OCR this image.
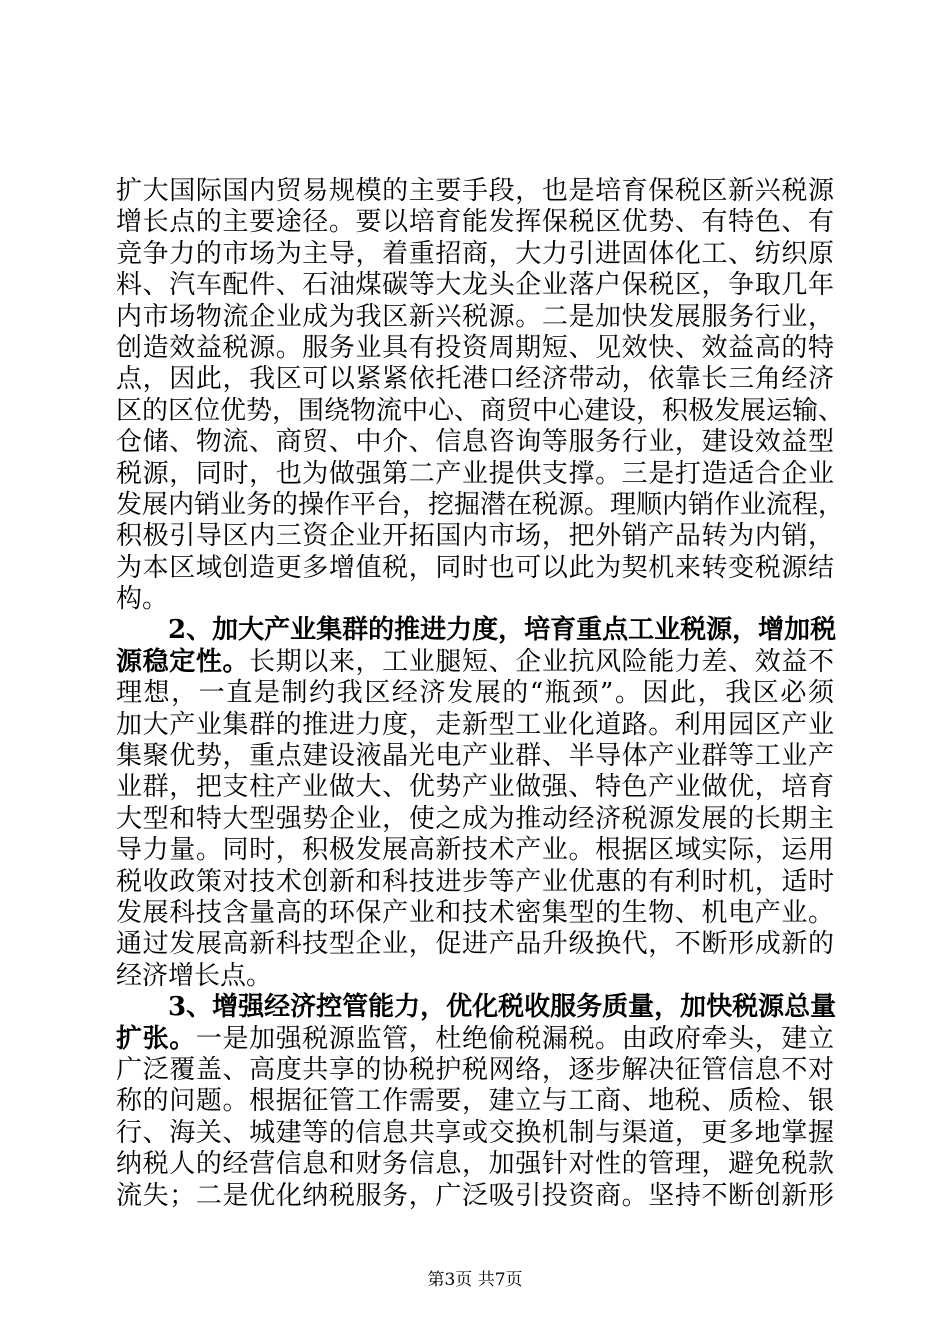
扩大国际国内贸易规模的主要手段，也是培育保税区新兴税源
增长点的主要途径。要以培育能发挥保税区优势、有特色、有
竞争力的市场为主导，着重招商，大力引进固体化工、纺织原
料、汽车配件、石油煤碳等大龙头企业落户保税区，争取几年
内市场物流企业成为我区新兴税源。二是加快发展服务行业，
创造效益税源。服务业具有投资周期短、见效快、效益高的特
点，因此，我区可以紧紧依托港口经济带动，依靠长三角经济
区的区位优势，围绕物流中心、商贸中心建设，积极发展运输、
仓储、物流、商贸、中介、信息咨询等服务行业，建设效益型
税源，同时，也为做强第二产业提供支撑。三是打造适合企业
发展内销业务的操作平台，挖掘潜在税源。理顺内销作业流程，
积极引导区内三资企业开拓国内市场，把外销产品转为内销，
为本区域创造更多增值税，同时也可以此为契机来转变税源结
构。
2、加大产业集群的推进力度，培育重点工业税源，增加税
源稳定性。长期以来，工业腿短、企业抗风险能力差、效益不
理想，一直是制约我区经济发展的“瓶颈”。因此，我区必须
加大产业集群的推进力度，走新型工业化道路。利用园区产业
集聚优势，重点建设液晶光电产业群、半导体产业群等工业产
业群，把支柱产业做大、优势产业做强、特色产业做优，培育
大型和特大型强势企业，使之成为推动经济税源发展的长期主
导力量。同时，积极发展高新技术产业。根据区域实际，运用
税收政策对技术创新和科技进步等产业优惠的有利时机，适时
发展科技含量高的环保产业和技术密集型的生物、机电产业。
通过发展高新科技型企业，促进产品升级换代，不断形成新的
经济增长点。
3、增强经济控管能力，优化税收服务质量，加快税源总量
扩张。一是加强税源监管，杜绝偷税漏税。由政府牵头，建立
广泛覆盖、高度共享的协税护税网络，逐步解决征管信息不对
称的问题。根据征管工作需要，建立与工商、地税、质检、银
行、海关、城建等的信息共享或交换机制与渠道，更多地掌握
纳税人的经营信息和财务信息，加强针对性的管理，避免税款
流失；二是优化纳税服务，广泛吸引投资商。坚持不断创新形
第3页 共7页
